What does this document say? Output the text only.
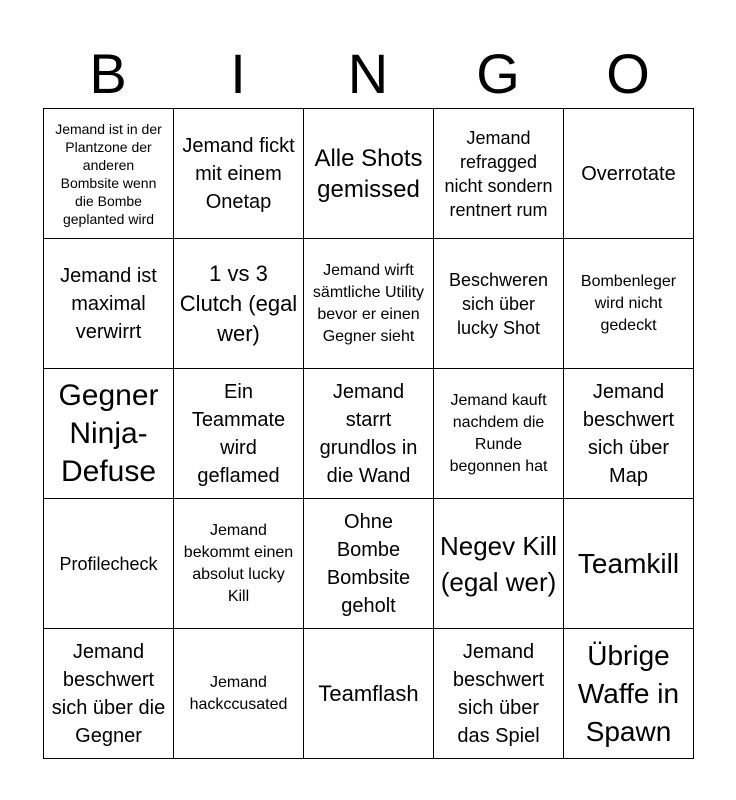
B	I	N	G	O
Jemand ist in der Plantzone der anderen Bombsite wenn die Bombe geplanted wird	Jemand fickt mit einem Onetap	Alle Shots gemissed	Jemand refragged nicht sondern rentnert rum	Overrotate
Jemand ist maximal verwirrt	1 vs 3 Clutch (egal wer)	Jemand wirft sämtliche Utility bevor er einen Gegner sieht	Beschweren sich über lucky Shot	Bombenleger wird nicht gedeckt
Gegner Ninja-Defuse	Ein Teammate wird geflamed	Jemand starrt grundlos in die Wand	Jemand kauft nachdem die Runde begonnen hat	Jemand beschwert sich über Map
Profilecheck	Jemand bekommt einen absolut lucky Kill	Ohne Bombe Bombsite geholt	Negev Kill (egal wer)	Teamkill
Jemand beschwert sich über die Gegner	Jemand hackccusated	Teamflash	Jemand beschwert sich über das Spiel	Übrige Waffe in Spawn
